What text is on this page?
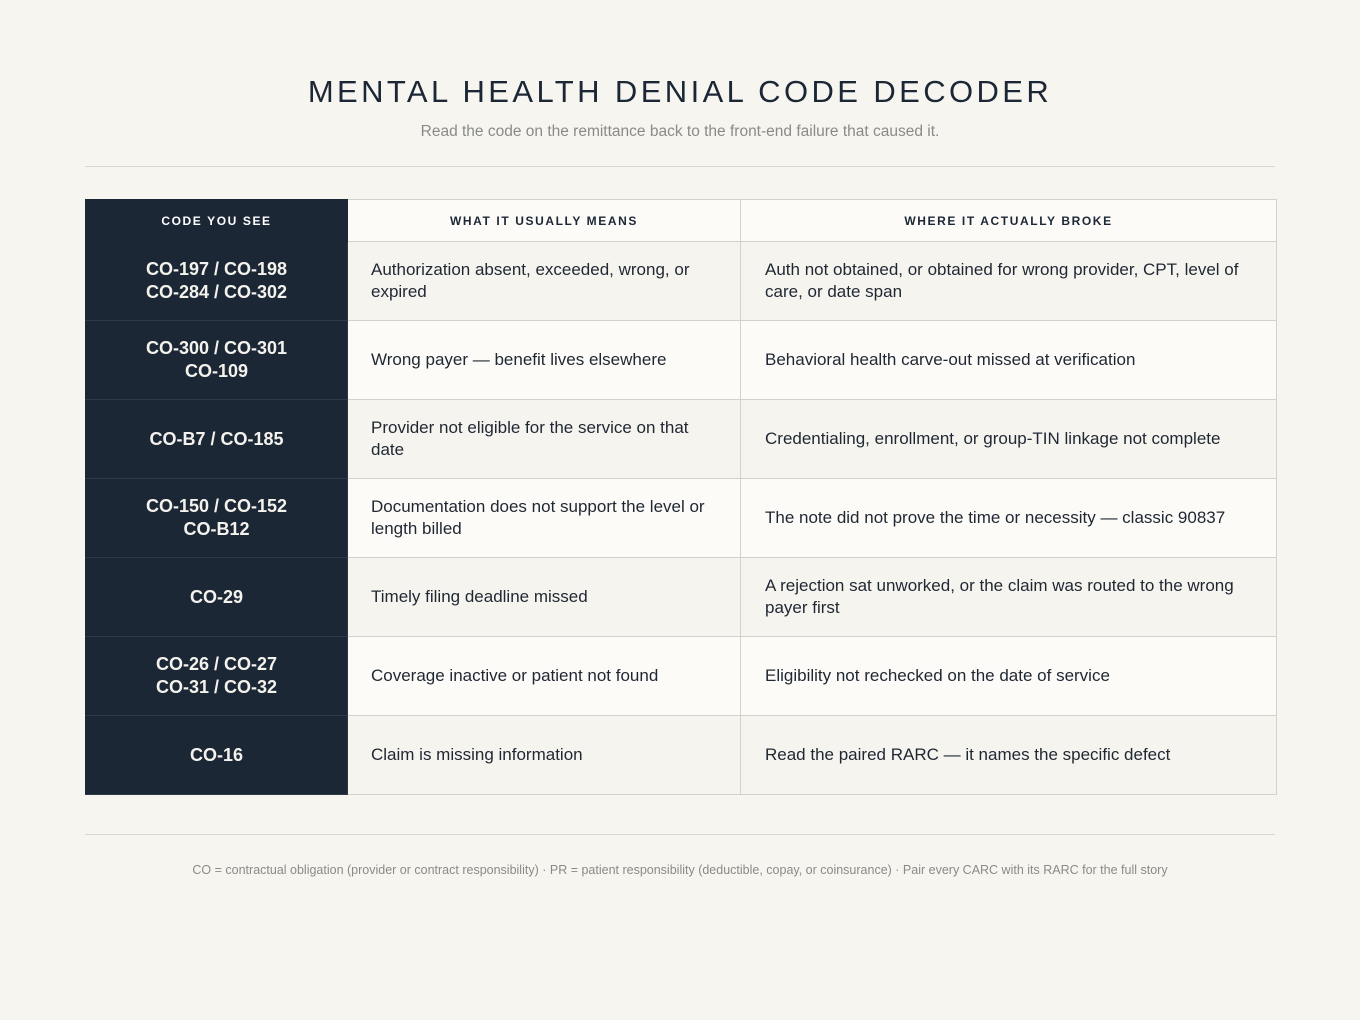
MENTAL HEALTH DENIAL CODE DECODER
Read the code on the remittance back to the front-end failure that caused it.
CODE YOU SEE	WHAT IT USUALLY MEANS	WHERE IT ACTUALLY BROKE

CO-197 / CO-198
CO-284 / CO-302	Authorization absent, exceeded, wrong, or expired	Auth not obtained, or obtained for wrong provider, CPT, level of care, or date span

CO-300 / CO-301
CO-109	Wrong payer — benefit lives elsewhere	Behavioral health carve-out missed at verification

CO-B7 / CO-185	Provider not eligible for the service on that date	Credentialing, enrollment, or group-TIN linkage not complete

CO-150 / CO-152
CO-B12	Documentation does not support the level or length billed	The note did not prove the time or necessity — classic 90837

CO-29	Timely filing deadline missed	A rejection sat unworked, or the claim was routed to the wrong payer first

CO-26 / CO-27
CO-31 / CO-32	Coverage inactive or patient not found	Eligibility not rechecked on the date of service

CO-16	Claim is missing information	Read the paired RARC — it names the specific defect
CO = contractual obligation (provider or contract responsibility) · PR = patient responsibility (deductible, copay, or coinsurance) · Pair every CARC with its RARC for the full story
